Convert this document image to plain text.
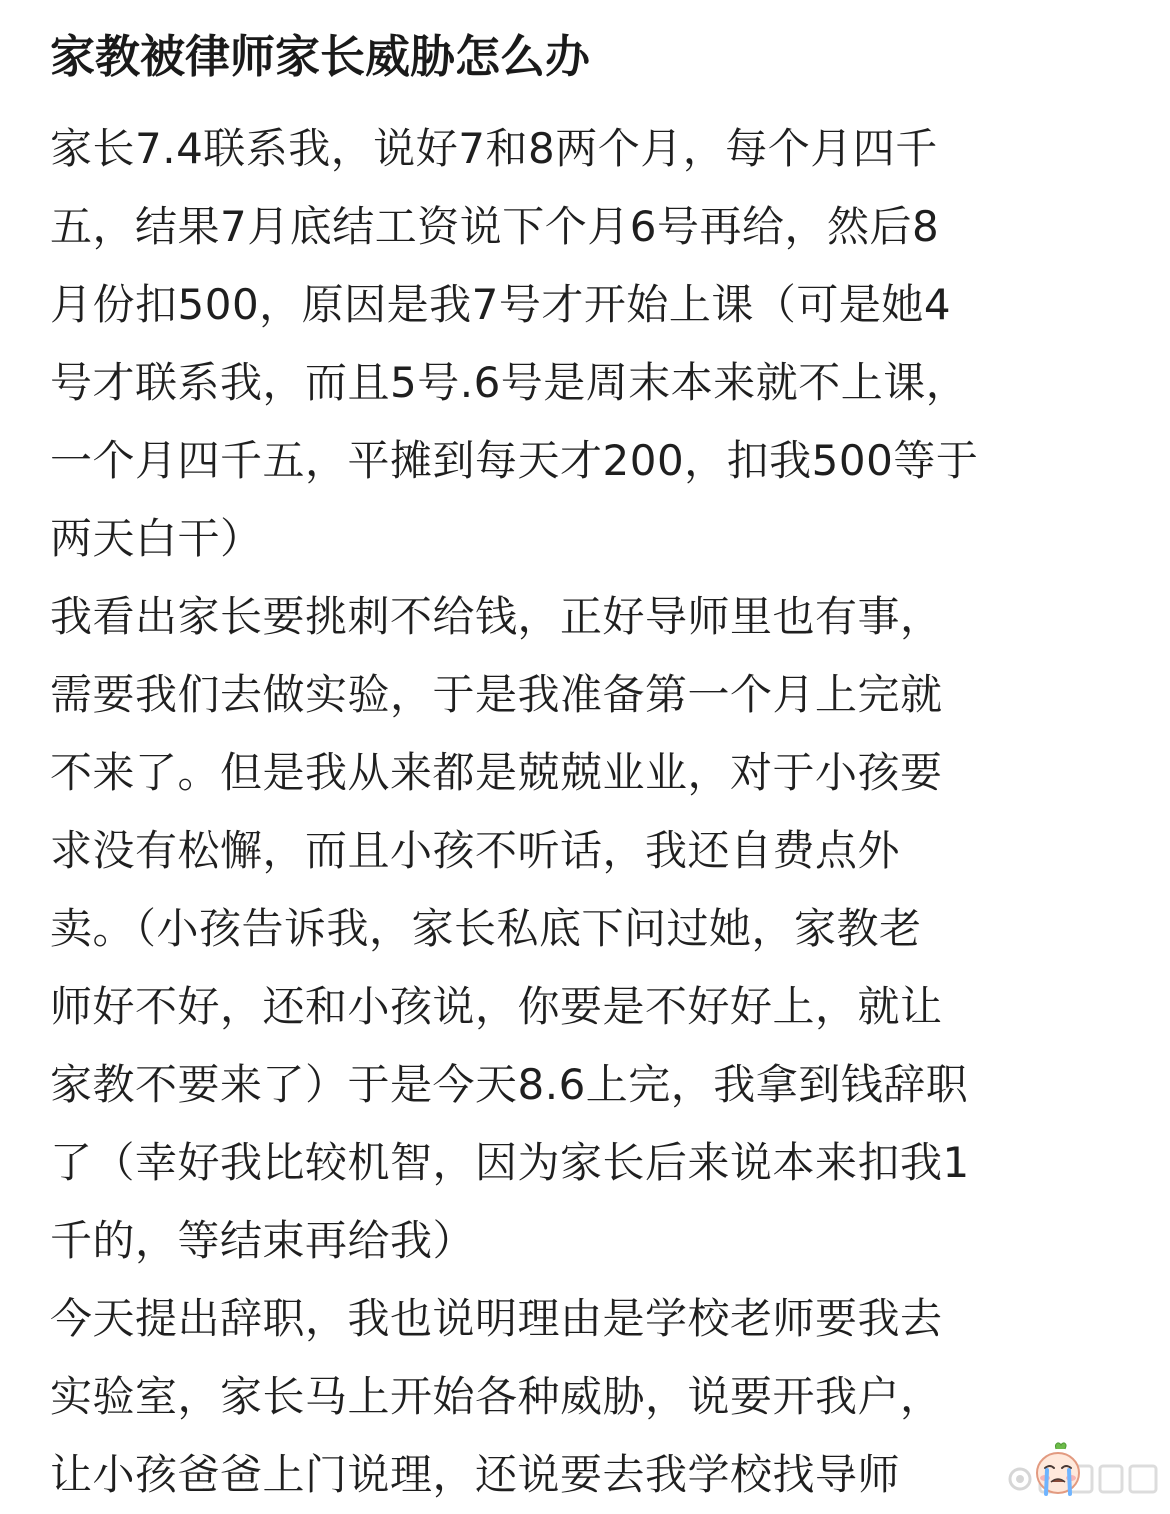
家教被律师家长威胁怎么办
家长7.4联系我，说好7和8两个月，每个月四千
五，结果7月底结工资说下个月6号再给，然后8
月份扣500，原因是我7号才开始上课（可是她4
号才联系我，而且5号.6号是周末本来就不上课，
一个月四千五，平摊到每天才200，扣我500等于
两天白干）
我看出家长要挑刺不给钱，正好导师里也有事，
需要我们去做实验，于是我准备第一个月上完就
不来了。但是我从来都是兢兢业业，对于小孩要
求没有松懈，而且小孩不听话，我还自费点外
卖。（小孩告诉我，家长私底下问过她，家教老
师好不好，还和小孩说，你要是不好好上，就让
家教不要来了）于是今天8.6上完，我拿到钱辞职
了（幸好我比较机智，因为家长后来说本来扣我1
千的，等结束再给我）
今天提出辞职，我也说明理由是学校老师要我去
实验室，家长马上开始各种威胁，说要开我户，
让小孩爸爸上门说理，还说要去我学校找导师
